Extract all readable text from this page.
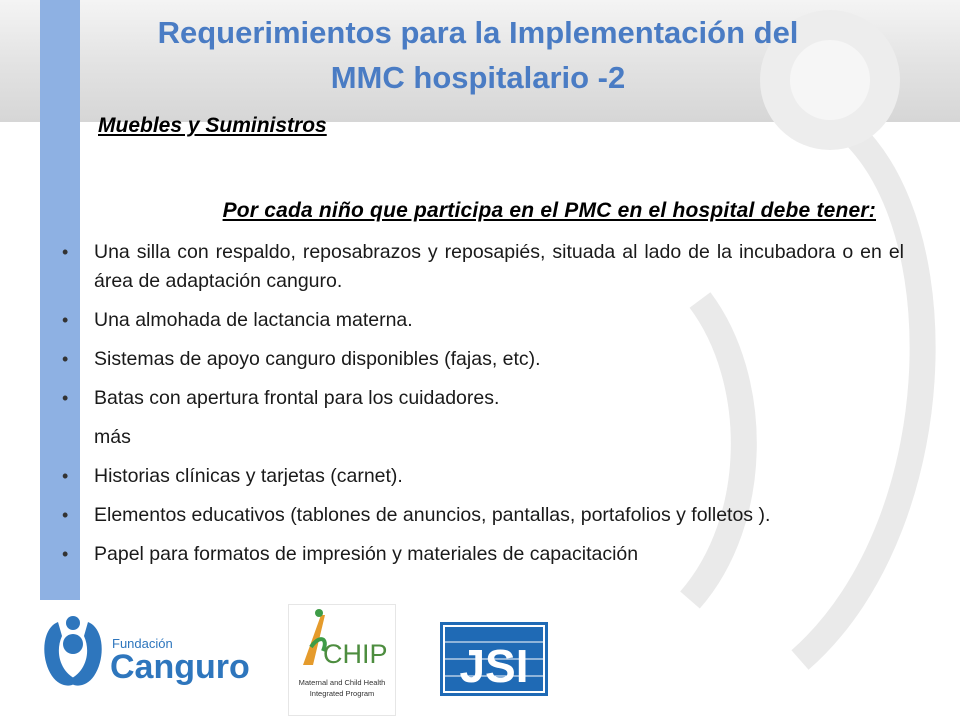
Requerimientos para la Implementación del
MMC hospitalario -2
Muebles y Suministros
Por cada niño que participa en el PMC en el hospital debe tener:
• Una silla con respaldo, reposabrazos y reposapiés, situada al lado de la incubadora o en el área de adaptación canguro.
• Una almohada de lactancia materna.
• Sistemas de apoyo canguro disponibles (fajas, etc).
• Batas con apertura frontal para los cuidadores.
más
• Historias clínicas y tarjetas (carnet).
• Elementos educativos (tablones de anuncios, pantallas, portafolios y folletos ).
• Papel para formatos de impresión y materiales de capacitación
Fundación
Canguro	CHIP
Maternal and Child Health
Integrated Program
JSI
